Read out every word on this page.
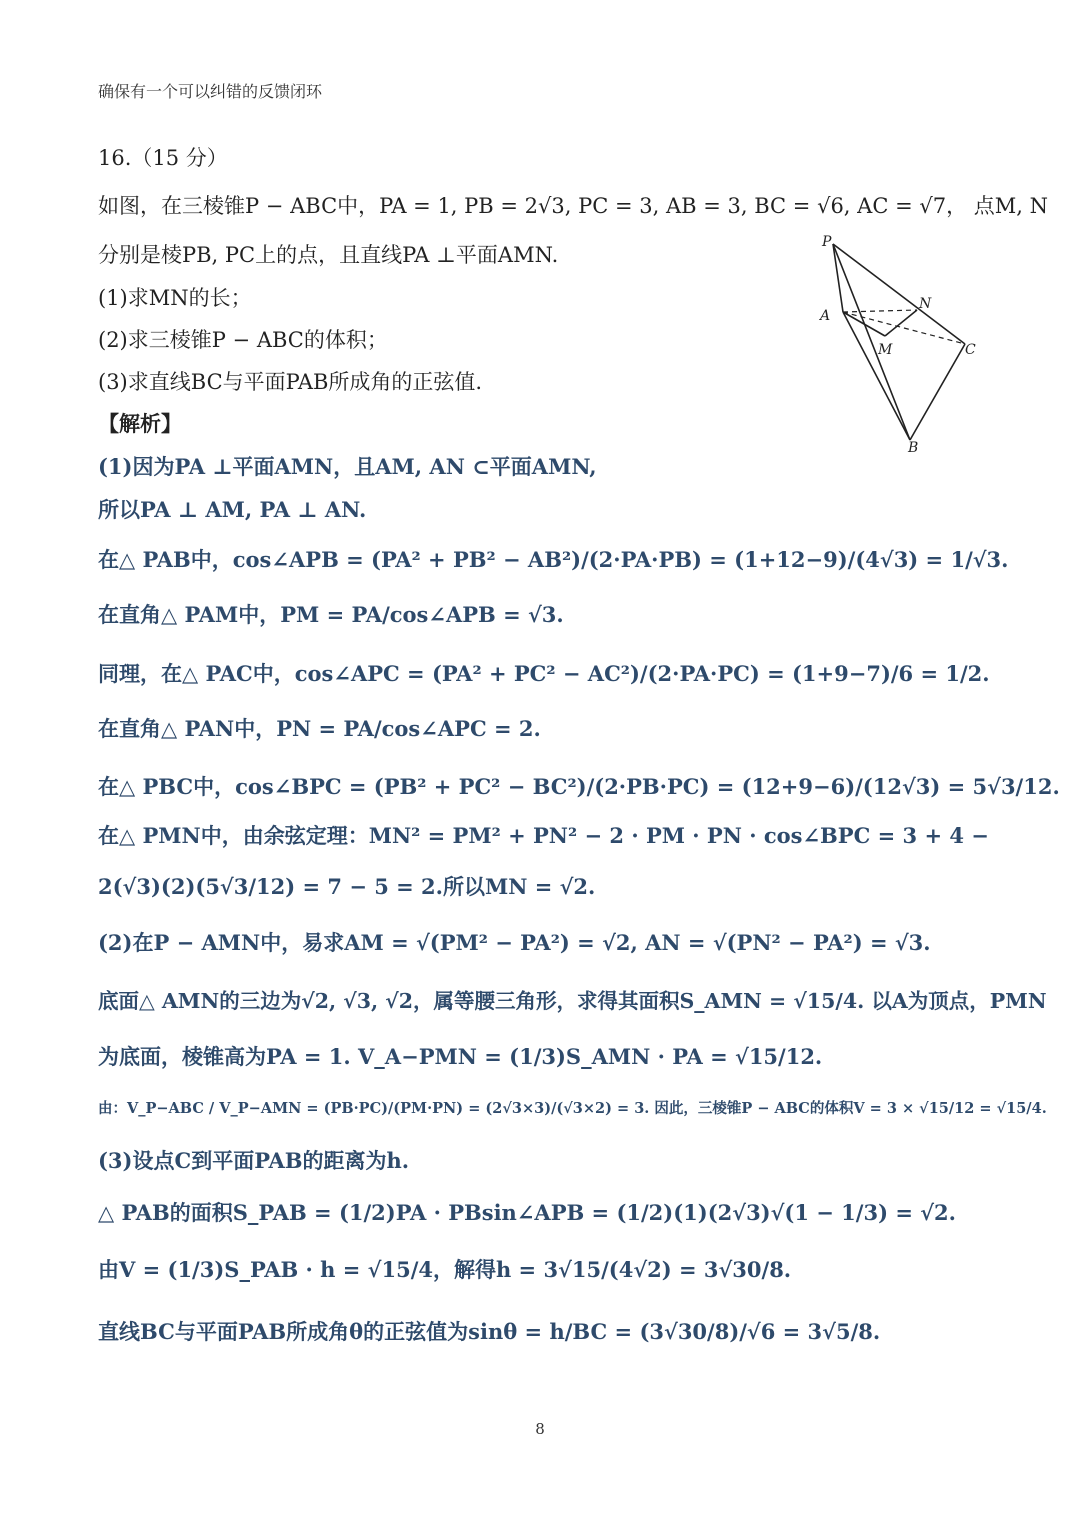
确保有一个可以纠错的反馈闭环
16.（15 分）
如图，在三棱锥P − ABC中，PA = 1, PB = 2√3, PC = 3, AB = 3, BC = √6, AC = √7， 点M, N
分别是棱PB, PC上的点，且直线PA ⊥平面AMN.
(1)求MN的长；
(2)求三棱锥P − ABC的体积；
(3)求直线BC与平面PAB所成角的正弦值.
P
A
N
M	C
B
【解析】
(1)因为PA ⊥平面AMN，且AM, AN ⊂平面AMN,
所以PA ⊥ AM, PA ⊥ AN.
在△ PAB中，cos∠APB = (PA² + PB² − AB²)/(2·PA·PB) = (1+12−9)/(4√3) = 1/√3.
在直角△ PAM中，PM = PA/cos∠APB = √3.
同理，在△ PAC中，cos∠APC = (PA² + PC² − AC²)/(2·PA·PC) = (1+9−7)/6 = 1/2.
在直角△ PAN中，PN = PA/cos∠APC = 2.
在△ PBC中，cos∠BPC = (PB² + PC² − BC²)/(2·PB·PC) = (12+9−6)/(12√3) = 5√3/12.
在△ PMN中，由余弦定理：MN² = PM² + PN² − 2 · PM · PN · cos∠BPC = 3 + 4 −
2(√3)(2)(5√3/12) = 7 − 5 = 2.所以MN = √2.
(2)在P − AMN中，易求AM = √(PM² − PA²) = √2, AN = √(PN² − PA²) = √3.
底面△ AMN的三边为√2, √3, √2，属等腰三角形，求得其面积S_AMN = √15/4. 以A为顶点，PMN
为底面，棱锥高为PA = 1. V_A−PMN = (1/3)S_AMN · PA = √15/12.
由：V_P−ABC / V_P−AMN = (PB·PC)/(PM·PN) = (2√3×3)/(√3×2) = 3. 因此，三棱锥P − ABC的体积V = 3 × √15/12 = √15/4.
(3)设点C到平面PAB的距离为h.
△ PAB的面积S_PAB = (1/2)PA · PBsin∠APB = (1/2)(1)(2√3)√(1 − 1/3) = √2.
由V = (1/3)S_PAB · h = √15/4，解得h = 3√15/(4√2) = 3√30/8.
直线BC与平面PAB所成角θ的正弦值为sinθ = h/BC = (3√30/8)/√6 = 3√5/8.
8
